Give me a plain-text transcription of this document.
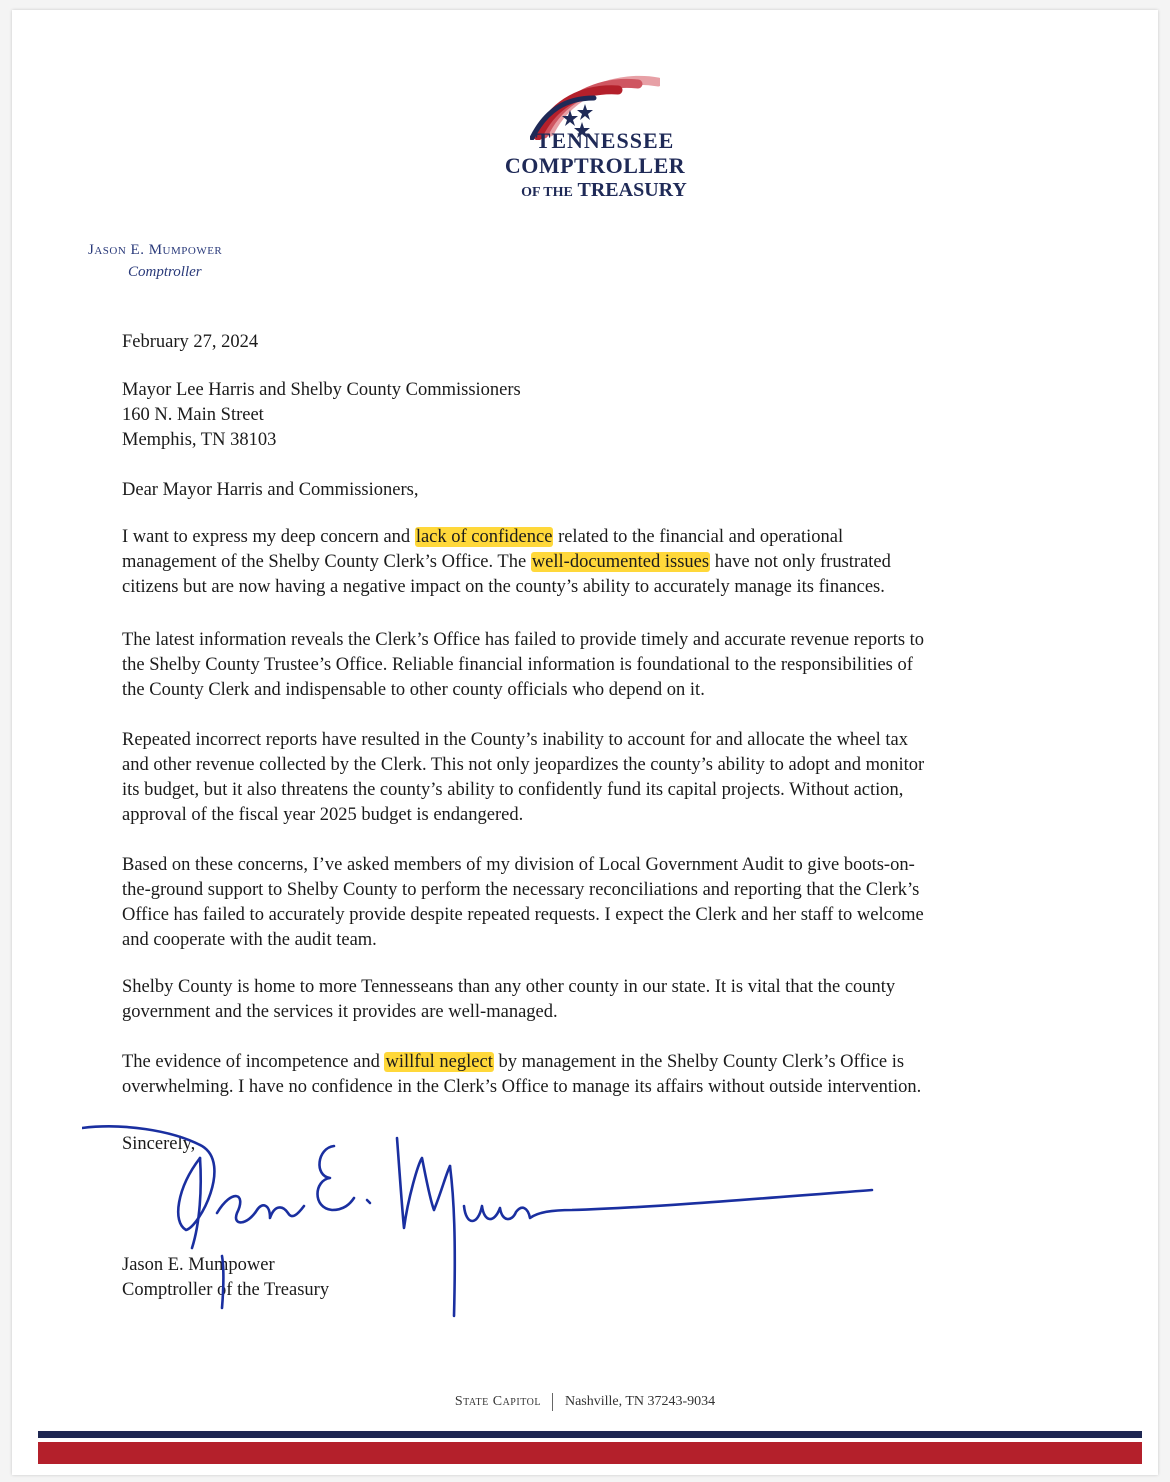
TENNESSEE
COMPTROLLER
OF THE TREASURY
Jason E. Mumpower
Comptroller
February 27, 2024
Mayor Lee Harris and Shelby County Commissioners
160 N. Main Street
Memphis, TN 38103
Dear Mayor Harris and Commissioners,
I want to express my deep concern and lack of confidence related to the financial and operational
management of the Shelby County Clerk’s Office. The well-documented issues have not only frustrated
citizens but are now having a negative impact on the county’s ability to accurately manage its finances.
The latest information reveals the Clerk’s Office has failed to provide timely and accurate revenue reports to
the Shelby County Trustee’s Office. Reliable financial information is foundational to the responsibilities of
the County Clerk and indispensable to other county officials who depend on it.
Repeated incorrect reports have resulted in the County’s inability to account for and allocate the wheel tax
and other revenue collected by the Clerk. This not only jeopardizes the county’s ability to adopt and monitor
its budget, but it also threatens the county’s ability to confidently fund its capital projects. Without action,
approval of the fiscal year 2025 budget is endangered.
Based on these concerns, I’ve asked members of my division of Local Government Audit to give boots-on-
the-ground support to Shelby County to perform the necessary reconciliations and reporting that the Clerk’s
Office has failed to accurately provide despite repeated requests. I expect the Clerk and her staff to welcome
and cooperate with the audit team.
Shelby County is home to more Tennesseans than any other county in our state. It is vital that the county
government and the services it provides are well-managed.
The evidence of incompetence and willful neglect by management in the Shelby County Clerk’s Office is
overwhelming. I have no confidence in the Clerk’s Office to manage its affairs without outside intervention.
Sincerely,
Jason E. Mumpower
Comptroller of the Treasury
State Capitol Nashville, TN 37243-9034
